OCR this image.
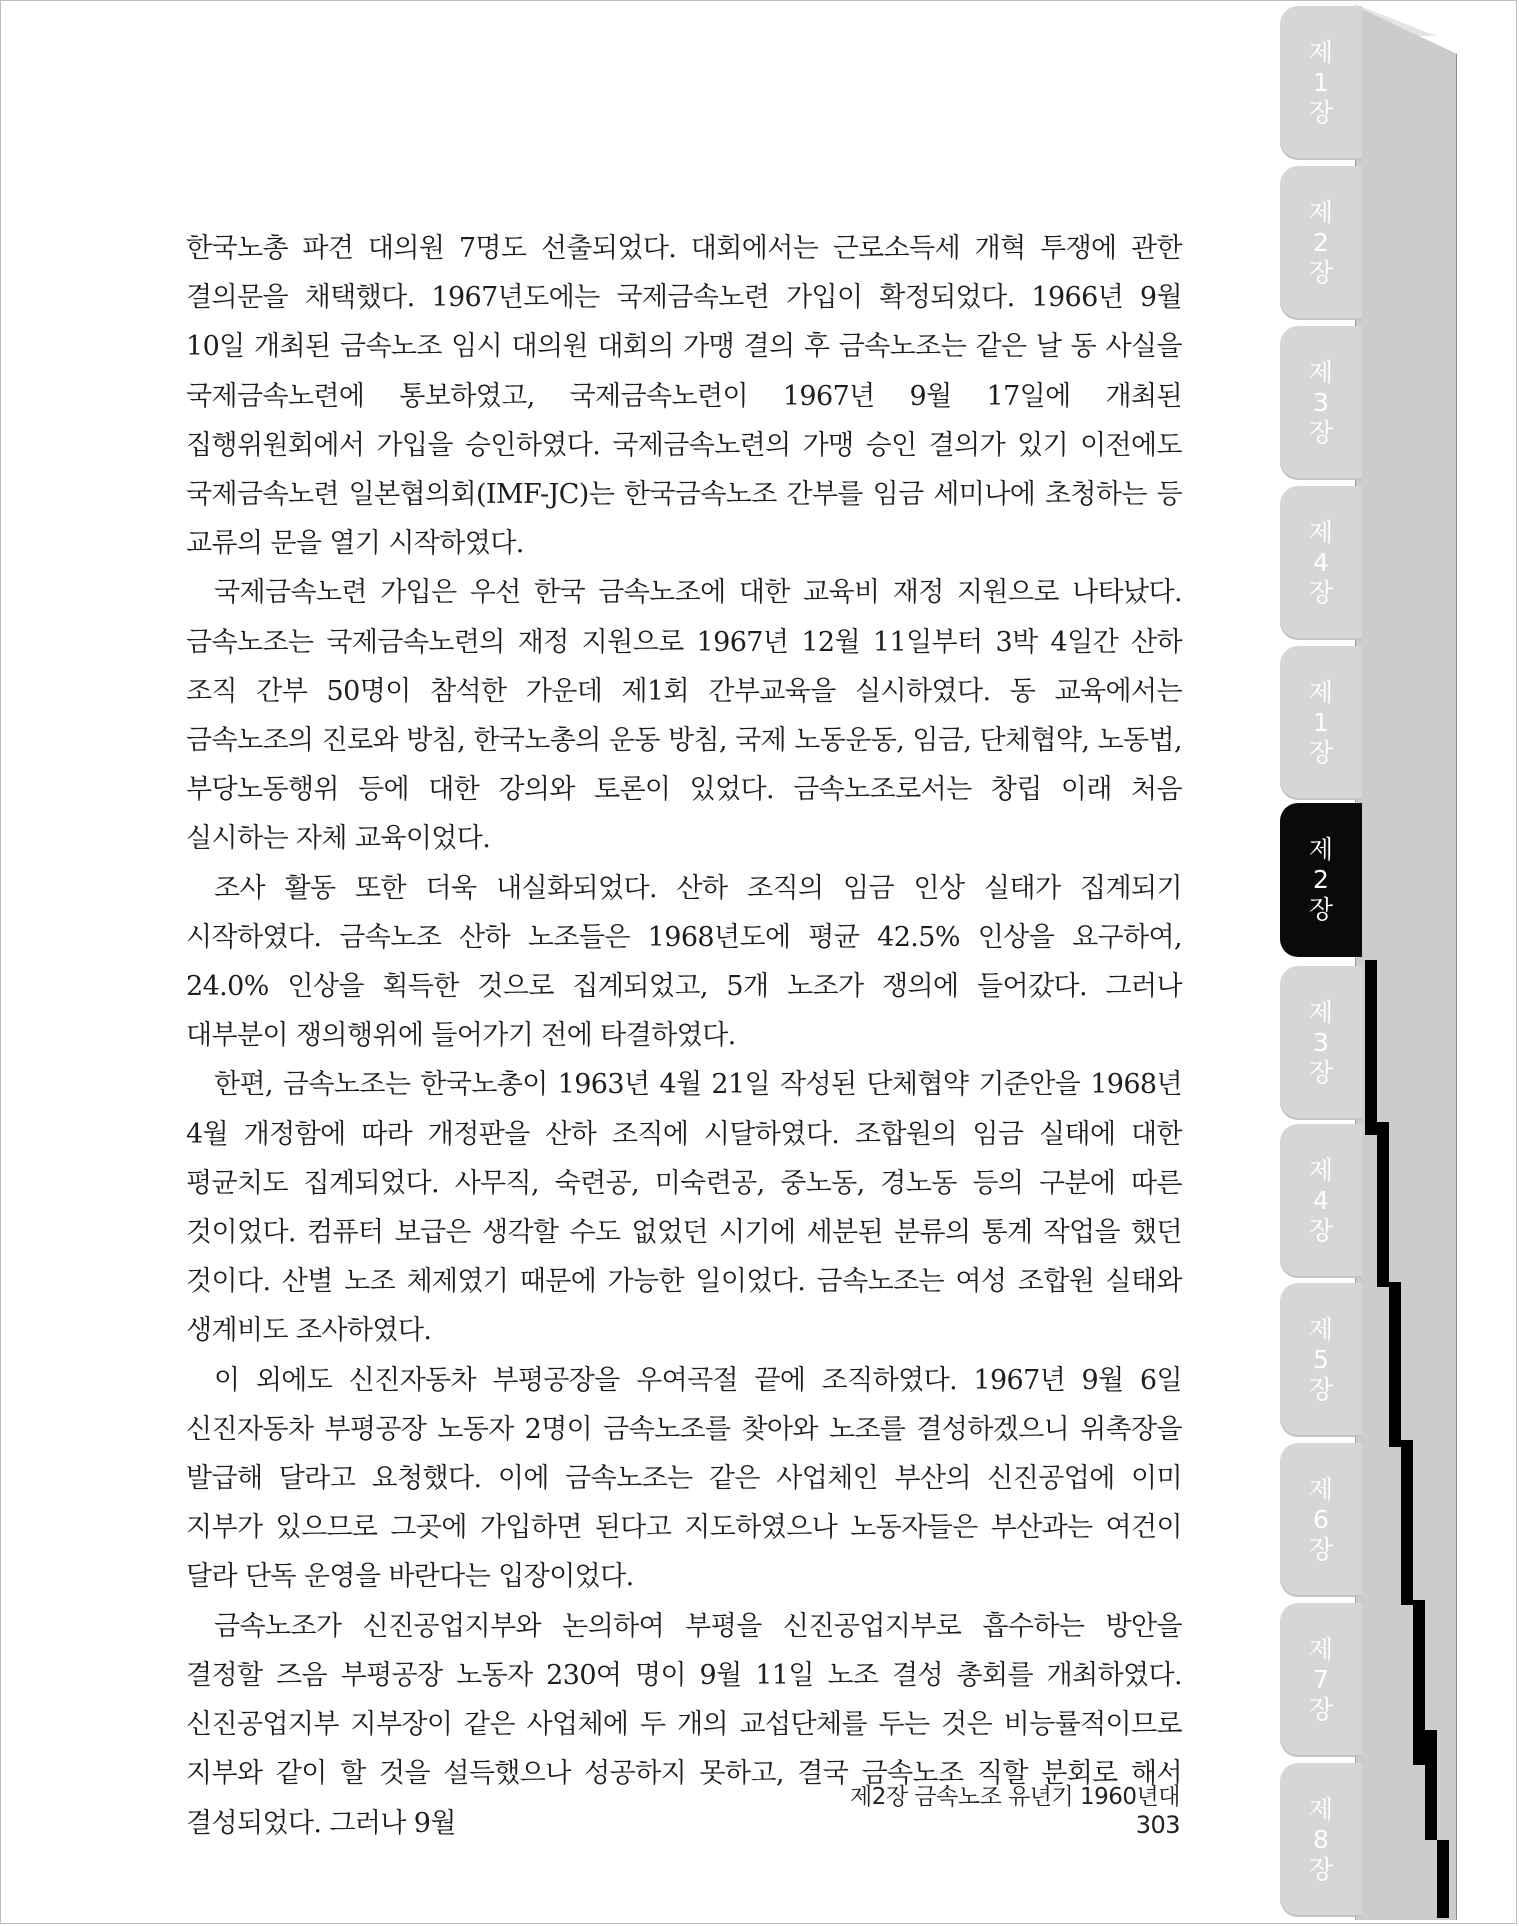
제
1
장
제
2
장
제
3
장
제
4
장
제
1
장
제
2
장
제
3
장
제
4
장
제
5
장
제
6
장
제
7
장
제
8
장

한국노총 파견 대의원 7명도 선출되었다. 대회에서는 근로소득세 개혁 투쟁에 관한 결의문을 채택했다. 1967년도에는 국제금속노련 가입이 확정되었다. 1966년 9월 10일 개최된 금속노조 임시 대의원 대회의 가맹 결의 후 금속노조는 같은 날 동 사실을 국제금속노련에 통보하였고, 국제금속노련이 1967년 9월 17일에 개최된 집행위원회에서 가입을 승인하였다. 국제금속노련의 가맹 승인 결의가 있기 이전에도 국제금속노련 일본협의회(IMF-JC)는 한국금속노조 간부를 임금 세미나에 초청하는 등 교류의 문을 열기 시작하였다.

국제금속노련 가입은 우선 한국 금속노조에 대한 교육비 재정 지원으로 나타났다. 금속노조는 국제금속노련의 재정 지원으로 1967년 12월 11일부터 3박 4일간 산하 조직 간부 50명이 참석한 가운데 제1회 간부교육을 실시하였다. 동 교육에서는 금속노조의 진로와 방침, 한국노총의 운동 방침, 국제 노동운동, 임금, 단체협약, 노동법, 부당노동행위 등에 대한 강의와 토론이 있었다. 금속노조로서는 창립 이래 처음 실시하는 자체 교육이었다.

조사 활동 또한 더욱 내실화되었다. 산하 조직의 임금 인상 실태가 집계되기 시작하였다. 금속노조 산하 노조들은 1968년도에 평균 42.5% 인상을 요구하여, 24.0% 인상을 획득한 것으로 집계되었고, 5개 노조가 쟁의에 들어갔다. 그러나 대부분이 쟁의행위에 들어가기 전에 타결하였다.

한편, 금속노조는 한국노총이 1963년 4월 21일 작성된 단체협약 기준안을 1968년 4월 개정함에 따라 개정판을 산하 조직에 시달하였다. 조합원의 임금 실태에 대한 평균치도 집계되었다. 사무직, 숙련공, 미숙련공, 중노동, 경노동 등의 구분에 따른 것이었다. 컴퓨터 보급은 생각할 수도 없었던 시기에 세분된 분류의 통계 작업을 했던 것이다. 산별 노조 체제였기 때문에 가능한 일이었다. 금속노조는 여성 조합원 실태와 생계비도 조사하였다.

이 외에도 신진자동차 부평공장을 우여곡절 끝에 조직하였다. 1967년 9월 6일 신진자동차 부평공장 노동자 2명이 금속노조를 찾아와 노조를 결성하겠으니 위촉장을 발급해 달라고 요청했다. 이에 금속노조는 같은 사업체인 부산의 신진공업에 이미 지부가 있으므로 그곳에 가입하면 된다고 지도하였으나 노동자들은 부산과는 여건이 달라 단독 운영을 바란다는 입장이었다.

금속노조가 신진공업지부와 논의하여 부평을 신진공업지부로 흡수하는 방안을 결정할 즈음 부평공장 노동자 230여 명이 9월 11일 노조 결성 총회를 개최하였다. 신진공업지부 지부장이 같은 사업체에 두 개의 교섭단체를 두는 것은 비능률적이므로 지부와 같이 할 것을 설득했으나 성공하지 못하고, 결국 금속노조 직할 분회로 해서 결성되었다. 그러나 9월

제2장 금속노조 유년기 1960년대 303
